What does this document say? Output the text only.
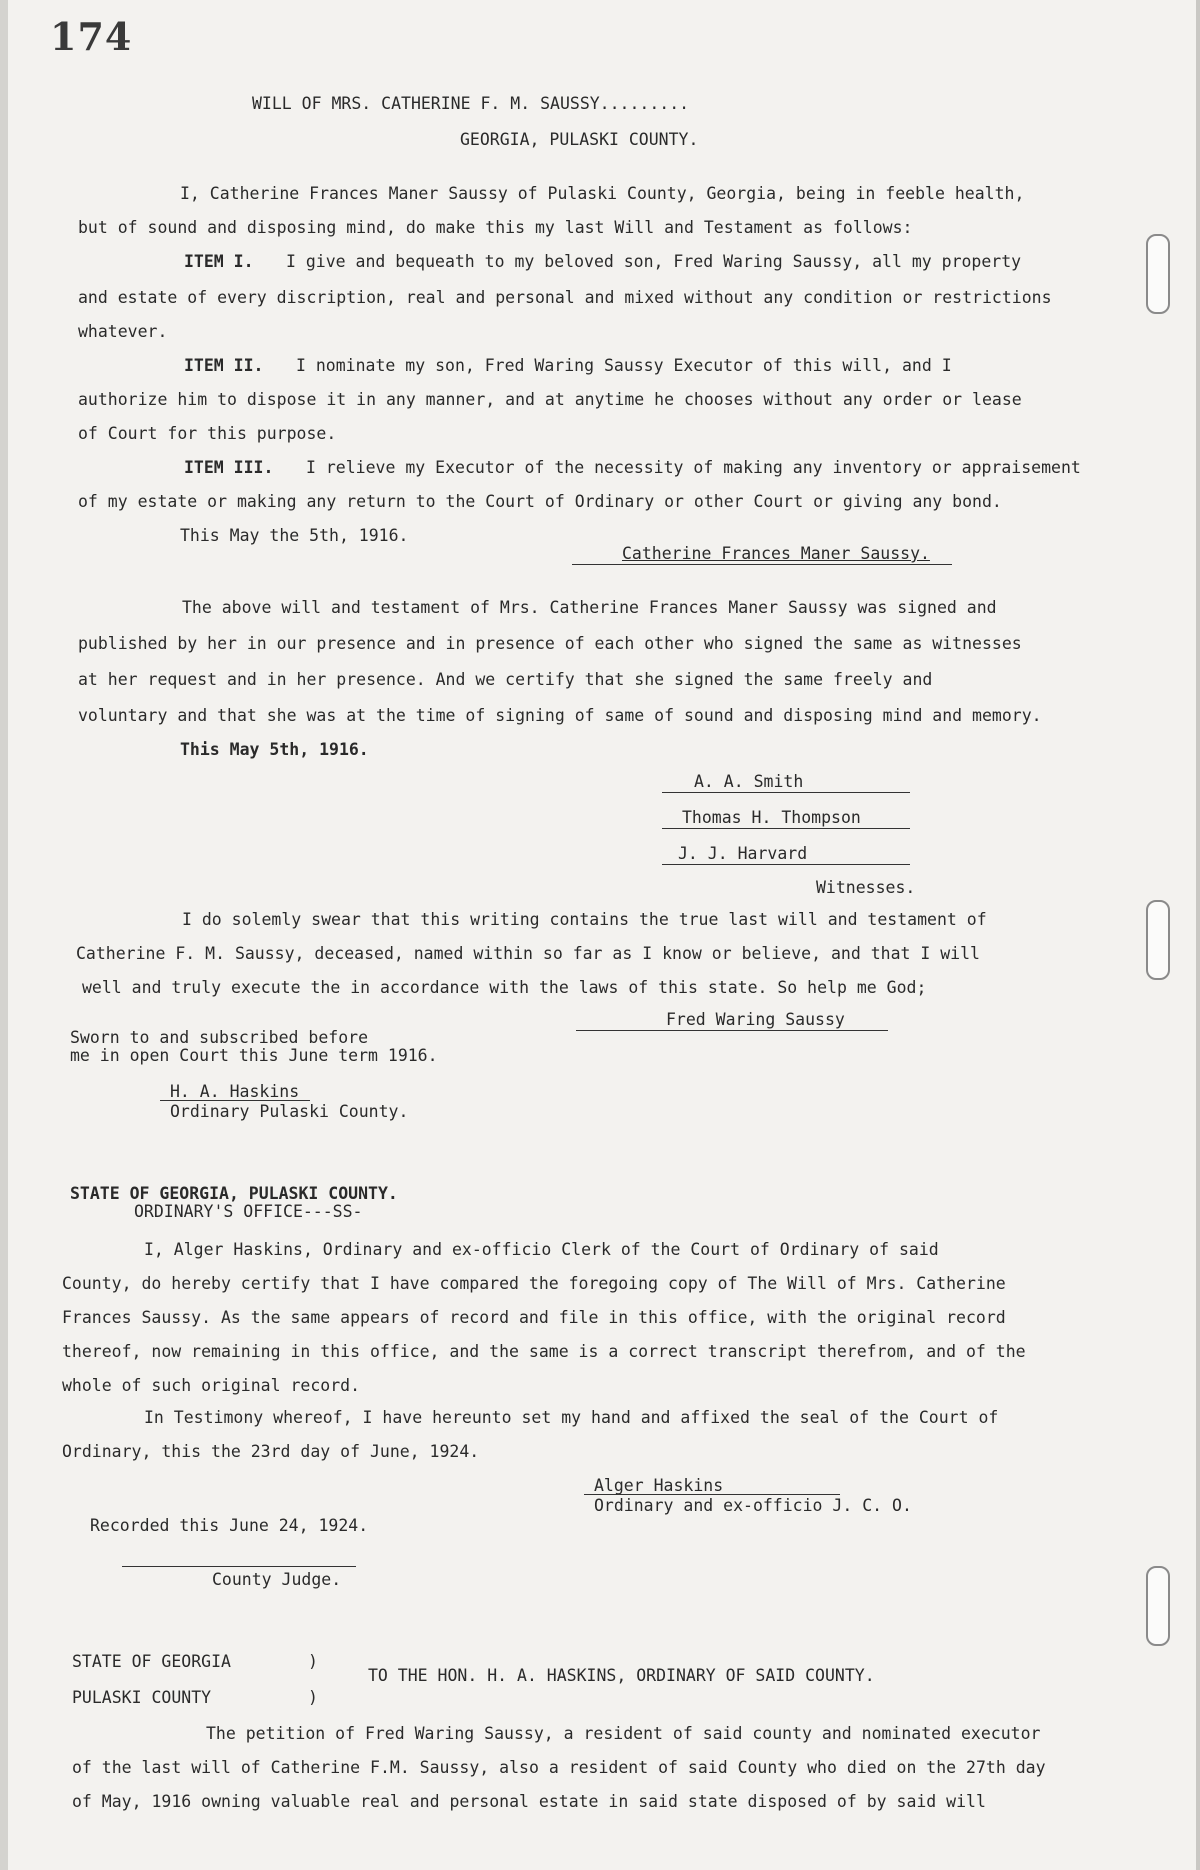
174
WILL OF MRS. CATHERINE F. M. SAUSSY.........
GEORGIA, PULASKI COUNTY.
I, Catherine Frances Maner Saussy of Pulaski County, Georgia, being in feeble health,
but of sound and disposing mind, do make this my last Will and Testament as follows:
ITEM I. I give and bequeath to my beloved son, Fred Waring Saussy, all my property
and estate of every discription, real and personal and mixed without any condition or restrictions
whatever.
ITEM II. I nominate my son, Fred Waring Saussy Executor of this will, and I
authorize him to dispose it in any manner, and at anytime he chooses without any order or lease
of Court for this purpose.
ITEM III. I relieve my Executor of the necessity of making any inventory or appraisement
of my estate or making any return to the Court of Ordinary or other Court or giving any bond.
This May the 5th, 1916.
Catherine Frances Maner Saussy.
The above will and testament of Mrs. Catherine Frances Maner Saussy was signed and
published by her in our presence and in presence of each other who signed the same as witnesses
at her request and in her presence. And we certify that she signed the same freely and
voluntary and that she was at the time of signing of same of sound and disposing mind and memory.
This May 5th, 1916.
A. A. Smith
Thomas H. Thompson
J. J. Harvard
Witnesses.
I do solemly swear that this writing contains the true last will and testament of
Catherine F. M. Saussy, deceased, named within so far as I know or believe, and that I will
well and truly execute the in accordance with the laws of this state. So help me God;
Fred Waring Saussy
Sworn to and subscribed before
me in open Court this June term 1916.
H. A. Haskins
Ordinary Pulaski County.
STATE OF GEORGIA, PULASKI COUNTY.
ORDINARY'S OFFICE---SS-
I, Alger Haskins, Ordinary and ex-officio Clerk of the Court of Ordinary of said
County, do hereby certify that I have compared the foregoing copy of The Will of Mrs. Catherine
Frances Saussy. As the same appears of record and file in this office, with the original record
thereof, now remaining in this office, and the same is a correct transcript therefrom, and of the
whole of such original record.
In Testimony whereof, I have hereunto set my hand and affixed the seal of the Court of
Ordinary, this the 23rd day of June, 1924.
Alger Haskins
Ordinary and ex-officio J. C. O.
Recorded this June 24, 1924.
County Judge.
STATE OF GEORGIA	)
TO THE HON. H. A. HASKINS, ORDINARY OF SAID COUNTY.
PULASKI COUNTY	)
The petition of Fred Waring Saussy, a resident of said county and nominated executor
of the last will of Catherine F.M. Saussy, also a resident of said County who died on the 27th day
of May, 1916 owning valuable real and personal estate in said state disposed of by said will
